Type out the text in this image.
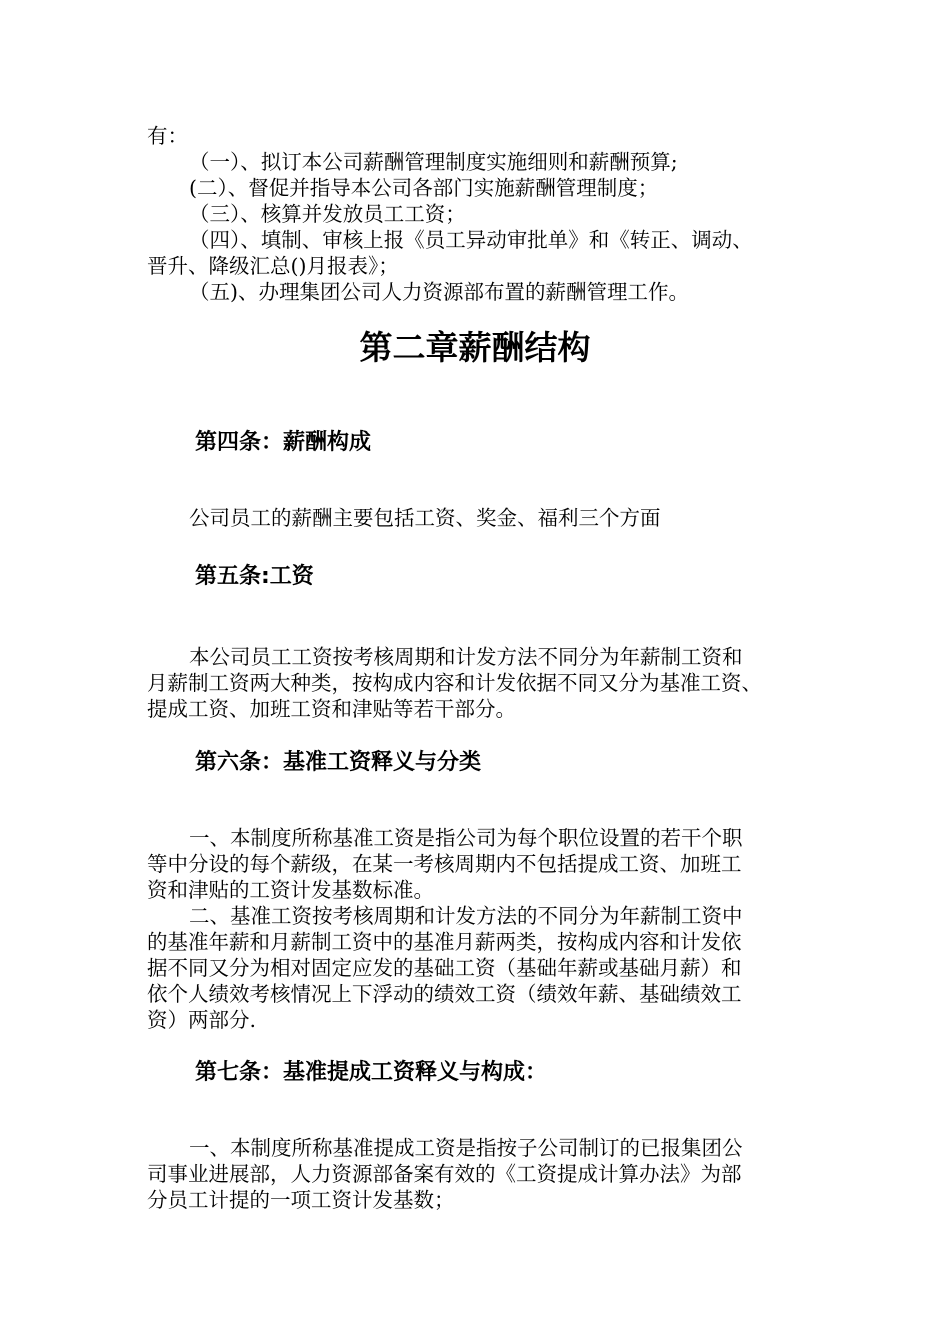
有：
（一）、拟订本公司薪酬管理制度实施细则和薪酬预算;
(二）、督促并指导本公司各部门实施薪酬管理制度；
（三）、核算并发放员工工资；
（四）、填制、审核上报《员工异动审批单》和《转正、调动、
晋升、降级汇总()月报表》；
（五)、办理集团公司人力资源部布置的薪酬管理工作。
第二章薪酬结构
第四条：薪酬构成
公司员工的薪酬主要包括工资、奖金、福利三个方面
第五条:工资
本公司员工工资按考核周期和计发方法不同分为年薪制工资和
月薪制工资两大种类，按构成内容和计发依据不同又分为基准工资、
提成工资、加班工资和津贴等若干部分。
第六条：基准工资释义与分类
一、本制度所称基准工资是指公司为每个职位设置的若干个职
等中分设的每个薪级，在某一考核周期内不包括提成工资、加班工
资和津贴的工资计发基数标准。
二、基准工资按考核周期和计发方法的不同分为年薪制工资中
的基准年薪和月薪制工资中的基准月薪两类，按构成内容和计发依
据不同又分为相对固定应发的基础工资（基础年薪或基础月薪）和
依个人绩效考核情况上下浮动的绩效工资（绩效年薪、基础绩效工
资）两部分.
第七条：基准提成工资释义与构成：
一、本制度所称基准提成工资是指按子公司制订的已报集团公
司事业进展部，人力资源部备案有效的《工资提成计算办法》为部
分员工计提的一项工资计发基数；
